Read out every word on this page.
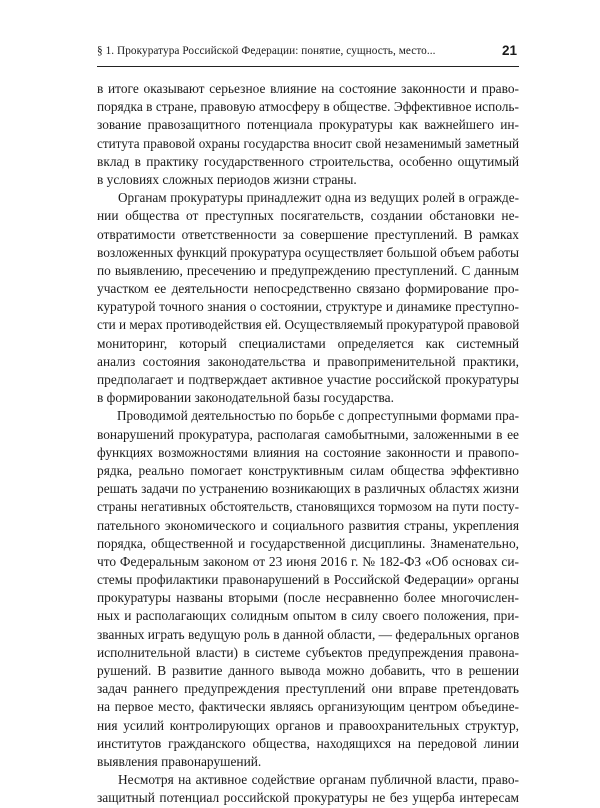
§ 1. Прокуратура Российской Федерации: понятие, сущность, место...	21
в итоге оказывают серьезное влияние на состояние законности и право-
порядка в стране, правовую атмосферу в обществе. Эффективное исполь-
зование правозащитного потенциала прокуратуры как важнейшего ин-
ститута правовой охраны государства вносит свой незаменимый заметный
вклад в практику государственного строительства, особенно ощутимый
в условиях сложных периодов жизни страны.
Органам прокуратуры принадлежит одна из ведущих ролей в огражде-
нии общества от преступных посягательств, создании обстановки не-
отвратимости ответственности за совершение преступлений. В рамках
возложенных функций прокуратура осуществляет большой объем работы
по выявлению, пресечению и предупреждению преступлений. С данным
участком ее деятельности непосредственно связано формирование про-
курaтурой точного знания о состоянии, структуре и динамике преступно-
сти и мерах противодействия ей. Осуществляемый прокуратурой правовой
мониторинг, который специалистами определяется как системный
анализ состояния законодательства и правоприменительной практики,
предполагает и подтверждает активное участие российской прокуратуры
в формировании законодательной базы государства.
Проводимой деятельностью по борьбе с допреступными формами пра-
вонарушений прокуратура, располагая самобытными, заложенными в ее
функциях возможностями влияния на состояние законности и правопо-
рядка, реально помогает конструктивным силам общества эффективно
решать задачи по устранению возникающих в различных областях жизни
страны негативных обстоятельств, становящихся тормозом на пути посту-
пательного экономического и социального развития страны, укрепления
порядка, общественной и государственной дисциплины. Знаменательно,
что Федеральным законом от 23 июня 2016 г. № 182-ФЗ «Об основах си-
стемы профилактики правонарушений в Российской Федерации» органы
прокуратуры названы вторыми (после несравненно более многочислен-
ных и располагающих солидным опытом в силу своего положения, при-
званных играть ведущую роль в данной области, — федеральных органов
исполнительной власти) в системе субъектов предупреждения правона-
рушений. В развитие данного вывода можно добавить, что в решении
задач раннего предупреждения преступлений они вправе претендовать
на первое место, фактически являясь организующим центром объедине-
ния усилий контролирующих органов и правоохранительных структур,
институтов гражданского общества, находящихся на передовой линии
выявления правонарушений.
Несмотря на активное содействие органам публичной власти, право-
защитный потенциал российской прокуратуры не без ущерба интересам
